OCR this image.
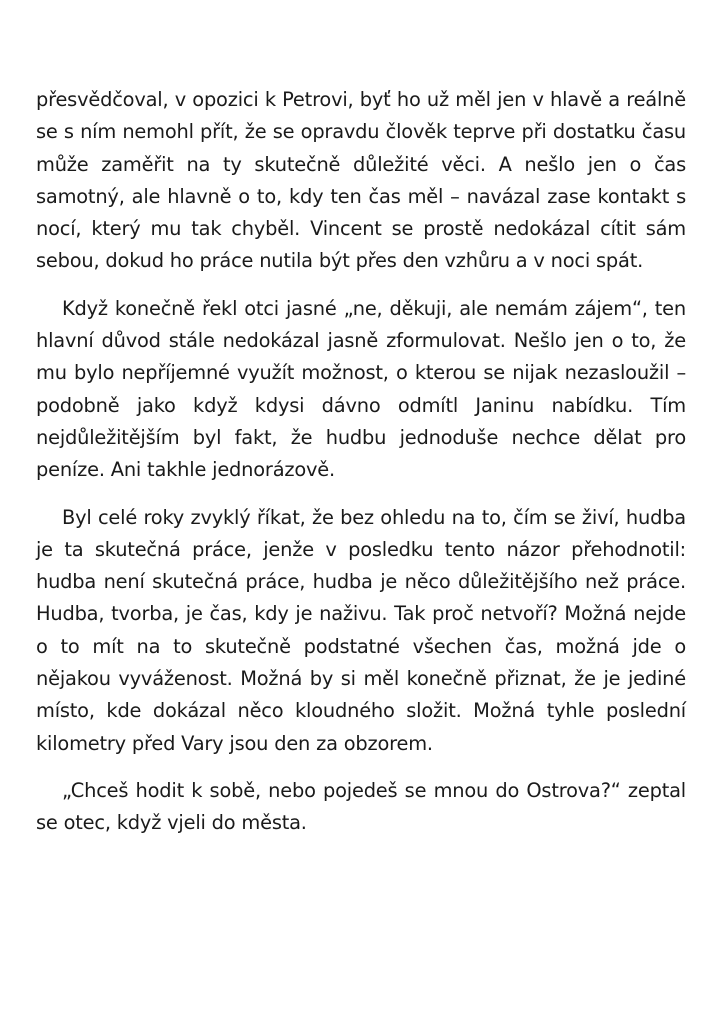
přesvědčoval, v opozici k Petrovi, byť ho už měl jen v hlavě a reálně se s ním nemohl přít, že se opravdu člověk teprve při dostatku času může zaměřit na ty skutečně důležité věci. A nešlo jen o čas samotný, ale hlavně o to, kdy ten čas měl – navázal zase kontakt s nocí, který mu tak chyběl. Vincent se prostě nedokázal cítit sám sebou, dokud ho práce nutila být přes den vzhůru a v noci spát.

Když konečně řekl otci jasné „ne, děkuji, ale nemám zájem“, ten hlavní důvod stále nedokázal jasně zformulovat. Nešlo jen o to, že mu bylo nepříjemné využít možnost, o kterou se nijak nezasloužil – podobně jako když kdysi dávno odmítl Janinu nabídku. Tím nejdůležitějším byl fakt, že hudbu jednoduše nechce dělat pro peníze. Ani takhle jednorázově.

Byl celé roky zvyklý říkat, že bez ohledu na to, čím se živí, hudba je ta skutečná práce, jenže v posledku tento názor přehodnotil: hudba není skutečná práce, hudba je něco důležitějšího než práce. Hudba, tvorba, je čas, kdy je naživu. Tak proč netvoří? Možná nejde o to mít na to skutečně podstatné všechen čas, možná jde o nějakou vyváženost. Možná by si měl konečně přiznat, že je jediné místo, kde dokázal něco kloudného složit. Možná tyhle poslední kilometry před Vary jsou den za obzorem.

„Chceš hodit k sobě, nebo pojedeš se mnou do Ostrova?“ zeptal se otec, když vjeli do města.
